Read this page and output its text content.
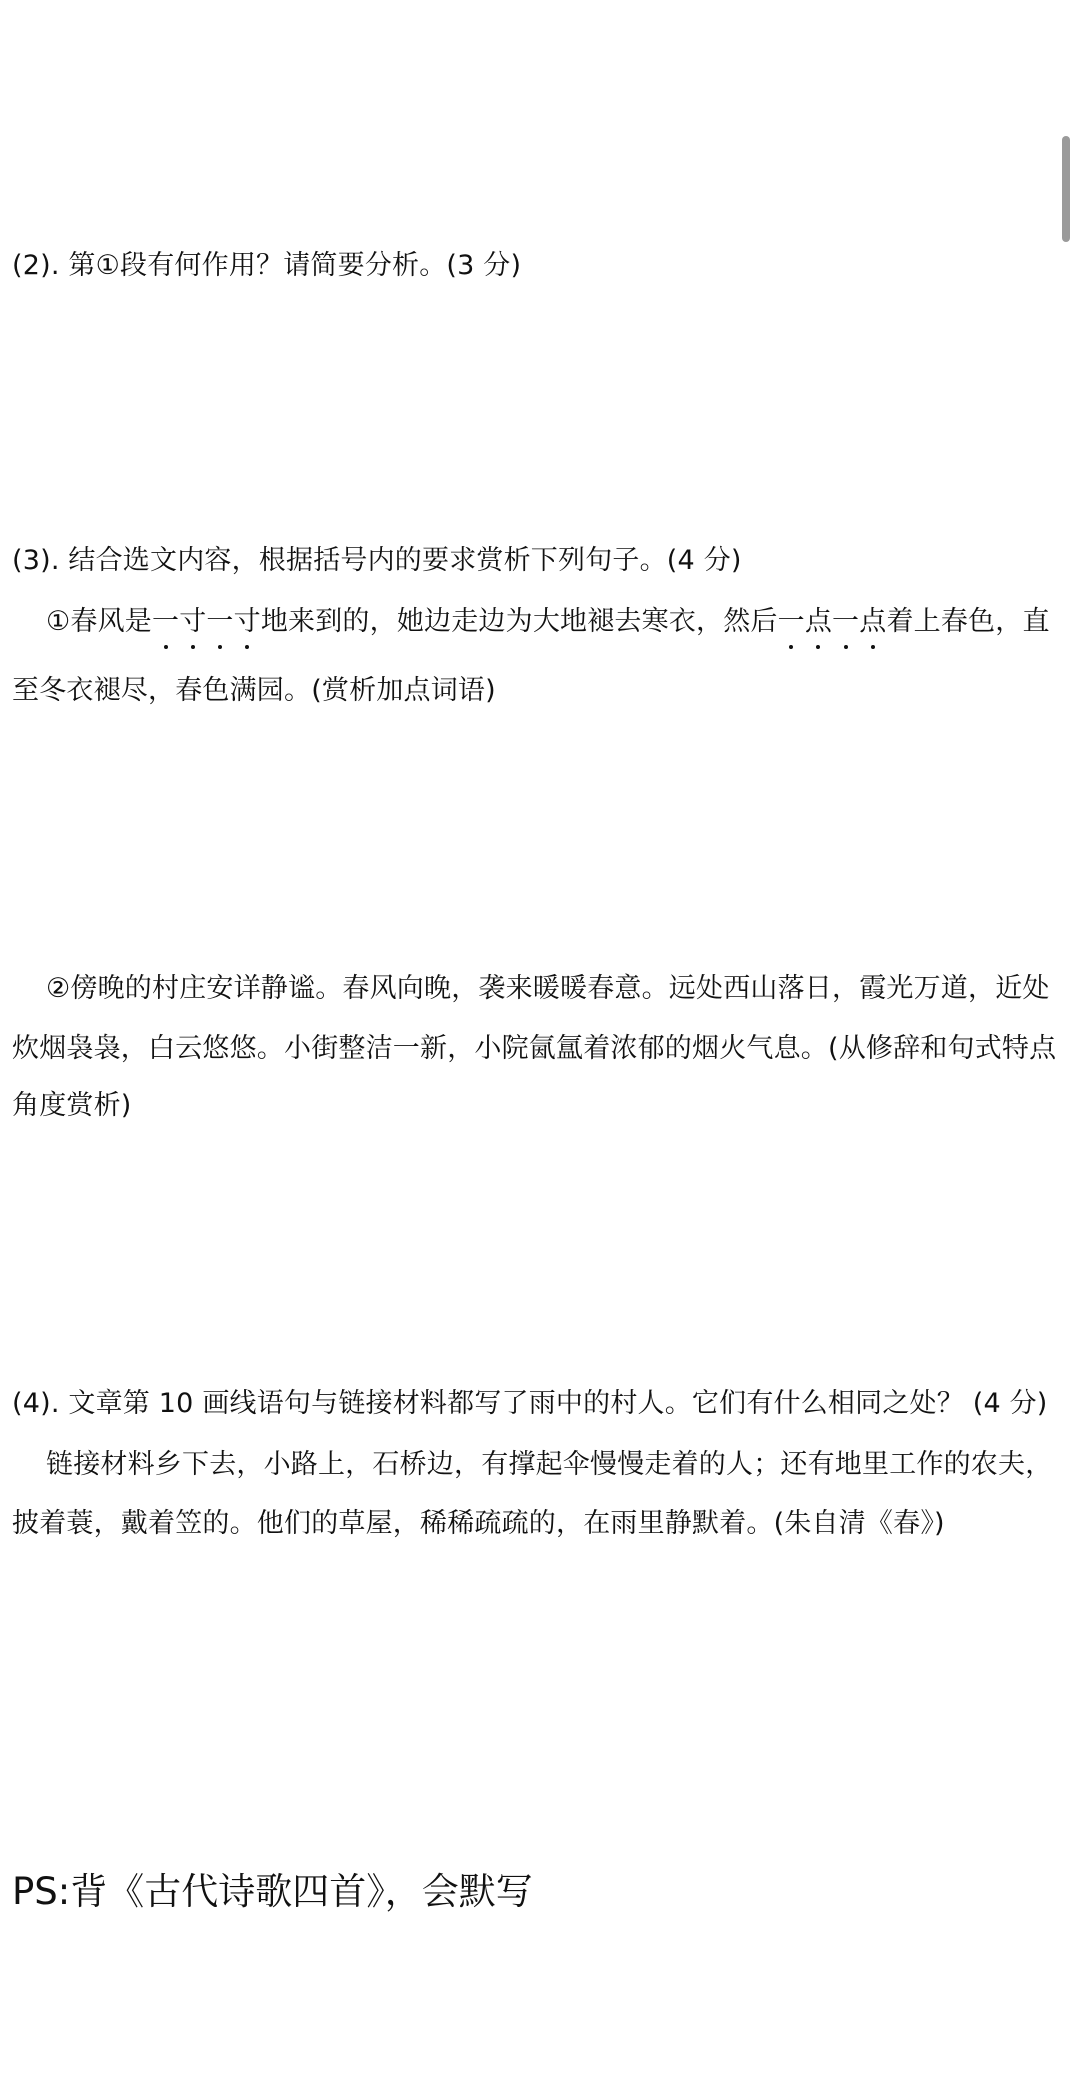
(2). 第①段有何作用？请简要分析。(3 分)
(3). 结合选文内容，根据括号内的要求赏析下列句子。(4 分)
①春风是一寸一寸地来到的，她边走边为大地褪去寒衣，然后一点一点着上春色，直
至冬衣褪尽，春色满园。(赏析加点词语)
②傍晚的村庄安详静谧。春风向晚，袭来暖暖春意。远处西山落日，霞光万道，近处
炊烟袅袅，白云悠悠。小街整洁一新，小院氤氲着浓郁的烟火气息。(从修辞和句式特点
角度赏析)
(4). 文章第 10 画线语句与链接材料都写了雨中的村人。它们有什么相同之处？ (4 分)
链接材料乡下去，小路上，石桥边，有撑起伞慢慢走着的人；还有地里工作的农夫，
披着蓑，戴着笠的。他们的草屋，稀稀疏疏的，在雨里静默着。(朱自清《春》)
PS:背《古代诗歌四首》，会默写
